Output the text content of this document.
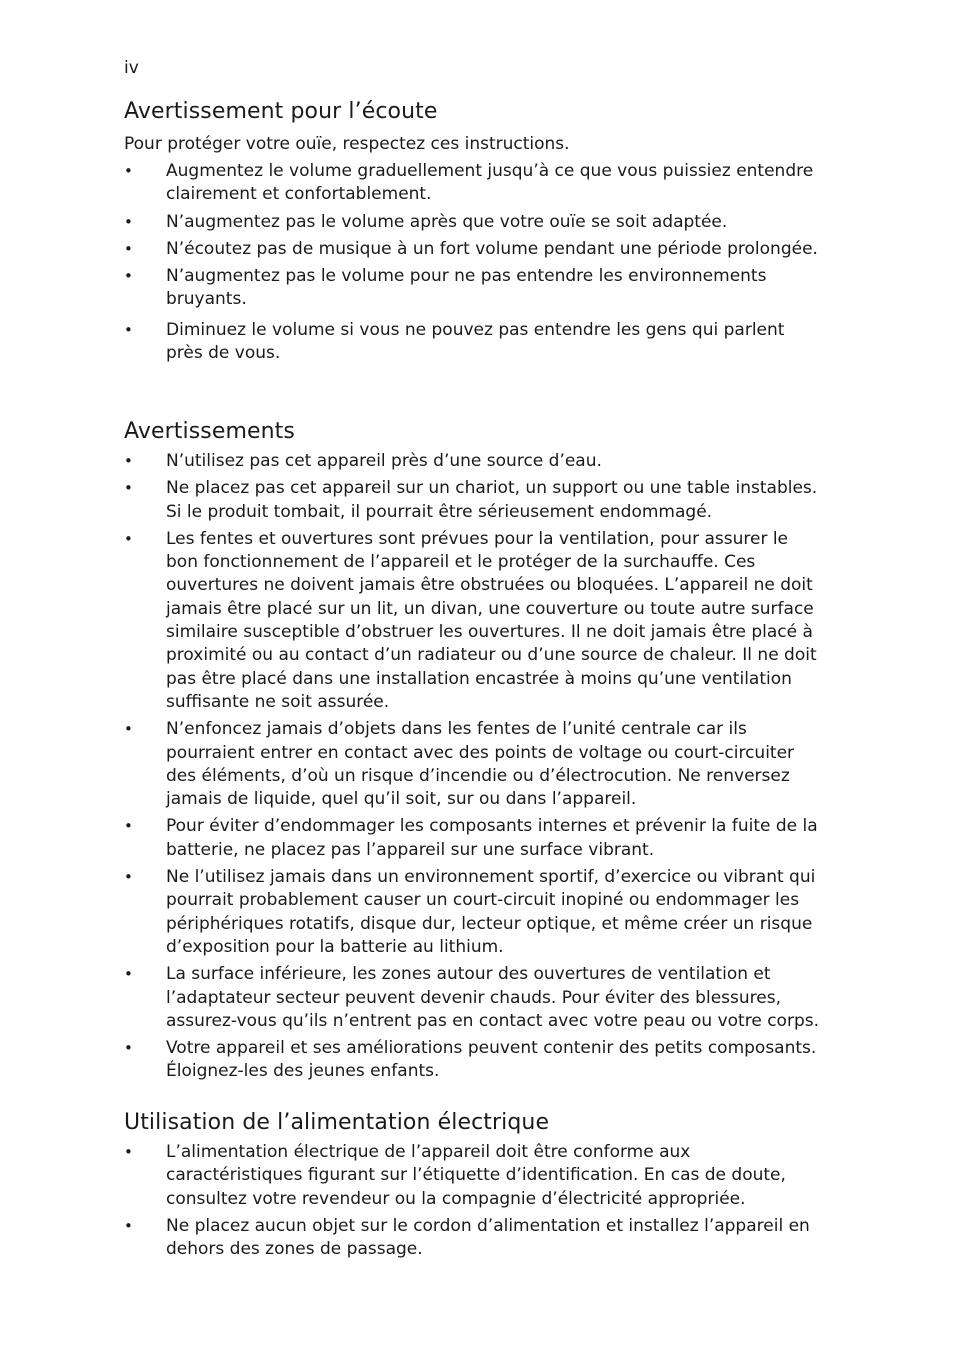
iv
Avertissement pour l’écoute

Pour protéger votre ouïe, respectez ces instructions.

• Augmentez le volume graduellement jusqu’à ce que vous puissiez entendre clairement et confortablement.
• N’augmentez pas le volume après que votre ouïe se soit adaptée.
• N’écoutez pas de musique à un fort volume pendant une période prolongée.
• N’augmentez pas le volume pour ne pas entendre les environnements bruyants.
• Diminuez le volume si vous ne pouvez pas entendre les gens qui parlent près de vous.
Avertissements
• N’utilisez pas cet appareil près d’une source d’eau.
• Ne placez pas cet appareil sur un chariot, un support ou une table instables. Si le produit tombait, il pourrait être sérieusement endommagé.
• Les fentes et ouvertures sont prévues pour la ventilation, pour assurer le bon fonctionnement de l’appareil et le protéger de la surchauffe. Ces ouvertures ne doivent jamais être obstruées ou bloquées. L’appareil ne doit jamais être placé sur un lit, un divan, une couverture ou toute autre surface similaire susceptible d’obstruer les ouvertures. Il ne doit jamais être placé à proximité ou au contact d’un radiateur ou d’une source de chaleur. Il ne doit pas être placé dans une installation encastrée à moins qu’une ventilation suffisante ne soit assurée.
• N’enfoncez jamais d’objets dans les fentes de l’unité centrale car ils pourraient entrer en contact avec des points de voltage ou court-circuiter des éléments, d’où un risque d’incendie ou d’électrocution. Ne renversez jamais de liquide, quel qu’il soit, sur ou dans l’appareil.
• Pour éviter d’endommager les composants internes et prévenir la fuite de la batterie, ne placez pas l’appareil sur une surface vibrant.
• Ne l’utilisez jamais dans un environnement sportif, d’exercice ou vibrant qui pourrait probablement causer un court-circuit inopiné ou endommager les périphériques rotatifs, disque dur, lecteur optique, et même créer un risque d’exposition pour la batterie au lithium.
• La surface inférieure, les zones autour des ouvertures de ventilation et l’adaptateur secteur peuvent devenir chauds. Pour éviter des blessures, assurez-vous qu’ils n’entrent pas en contact avec votre peau ou votre corps.
• Votre appareil et ses améliorations peuvent contenir des petits composants. Éloignez-les des jeunes enfants.
Utilisation de l’alimentation électrique
• L’alimentation électrique de l’appareil doit être conforme aux caractéristiques figurant sur l’étiquette d’identification. En cas de doute, consultez votre revendeur ou la compagnie d’électricité appropriée.
• Ne placez aucun objet sur le cordon d’alimentation et installez l’appareil en dehors des zones de passage.
